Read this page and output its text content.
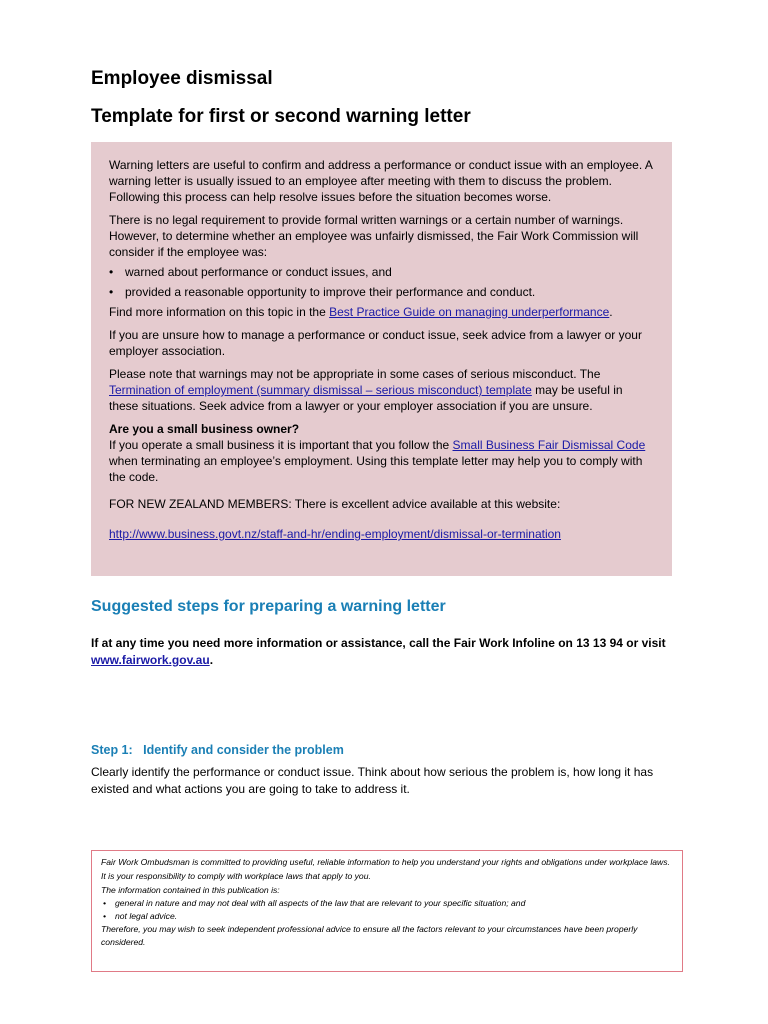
Employee dismissal
Template for first or second warning letter

Warning letters are useful to confirm and address a performance or conduct issue with an employee. A warning letter is usually issued to an employee after meeting with them to discuss the problem. Following this process can help resolve issues before the situation becomes worse.

There is no legal requirement to provide formal written warnings or a certain number of warnings. However, to determine whether an employee was unfairly dismissed, the Fair Work Commission will consider if the employee was:

• warned about performance or conduct issues, and
• provided a reasonable opportunity to improve their performance and conduct.

Find more information on this topic in the Best Practice Guide on managing underperformance.

If you are unsure how to manage a performance or conduct issue, seek advice from a lawyer or your employer association.

Please note that warnings may not be appropriate in some cases of serious misconduct. The Termination of employment (summary dismissal – serious misconduct) template may be useful in these situations. Seek advice from a lawyer or your employer association if you are unsure.

Are you a small business owner?

If you operate a small business it is important that you follow the Small Business Fair Dismissal Code when terminating an employee’s employment. Using this template letter may help you to comply with the code.

FOR NEW ZEALAND MEMBERS: There is excellent advice available at this website:

http://www.business.govt.nz/staff-and-hr/ending-employment/dismissal-or-termination

Suggested steps for preparing a warning letter
If at any time you need more information or assistance, call the Fair Work Infoline on 13 13 94 or visit www.fairwork.gov.au.
Step 1: Identify and consider the problem
Clearly identify the performance or conduct issue. Think about how serious the problem is, how long it has existed and what actions you are going to take to address it.

Fair Work Ombudsman is committed to providing useful, reliable information to help you understand your rights and obligations under workplace laws.

It is your responsibility to comply with workplace laws that apply to you.

The information contained in this publication is:

• general in nature and may not deal with all aspects of the law that are relevant to your specific situation; and
• not legal advice.

Therefore, you may wish to seek independent professional advice to ensure all the factors relevant to your circumstances have been properly considered.
